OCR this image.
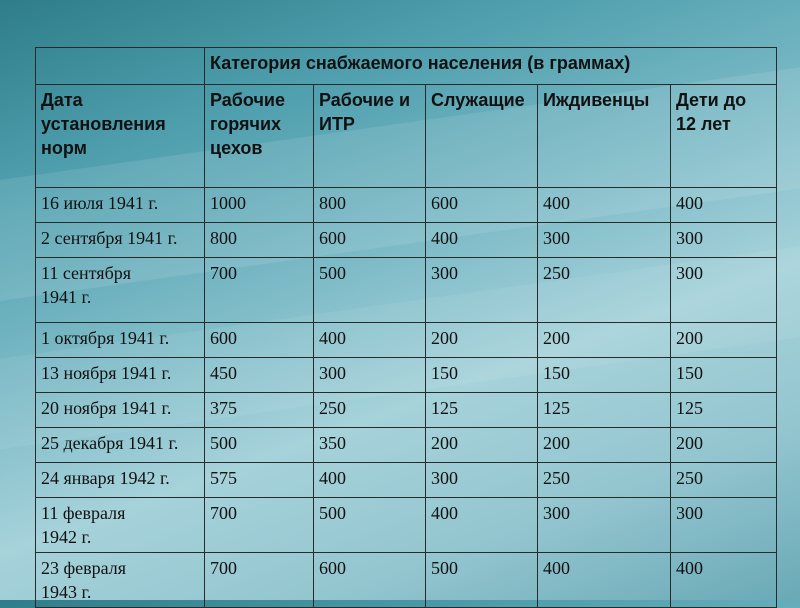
	Категория снабжаемого населения (в граммах)				
Дата установления норм	Рабочие горячих цехов	Рабочие и ИТР	Служащие	Иждивенцы	Дети до 12 лет
16 июля 1941 г.	1000	800	600	400	400
2 сентября 1941 г.	800	600	400	300	300
11 сентября 1941 г.	700	500	300	250	300
1 октября 1941 г.	600	400	200	200	200
13 ноября 1941 г.	450	300	150	150	150
20 ноября 1941 г.	375	250	125	125	125
25 декабря 1941 г.	500	350	200	200	200
24 января 1942 г.	575	400	300	250	250
11 февраля 1942 г.	700	500	400	300	300
23 февраля 1943 г.	700	600	500	400	400
